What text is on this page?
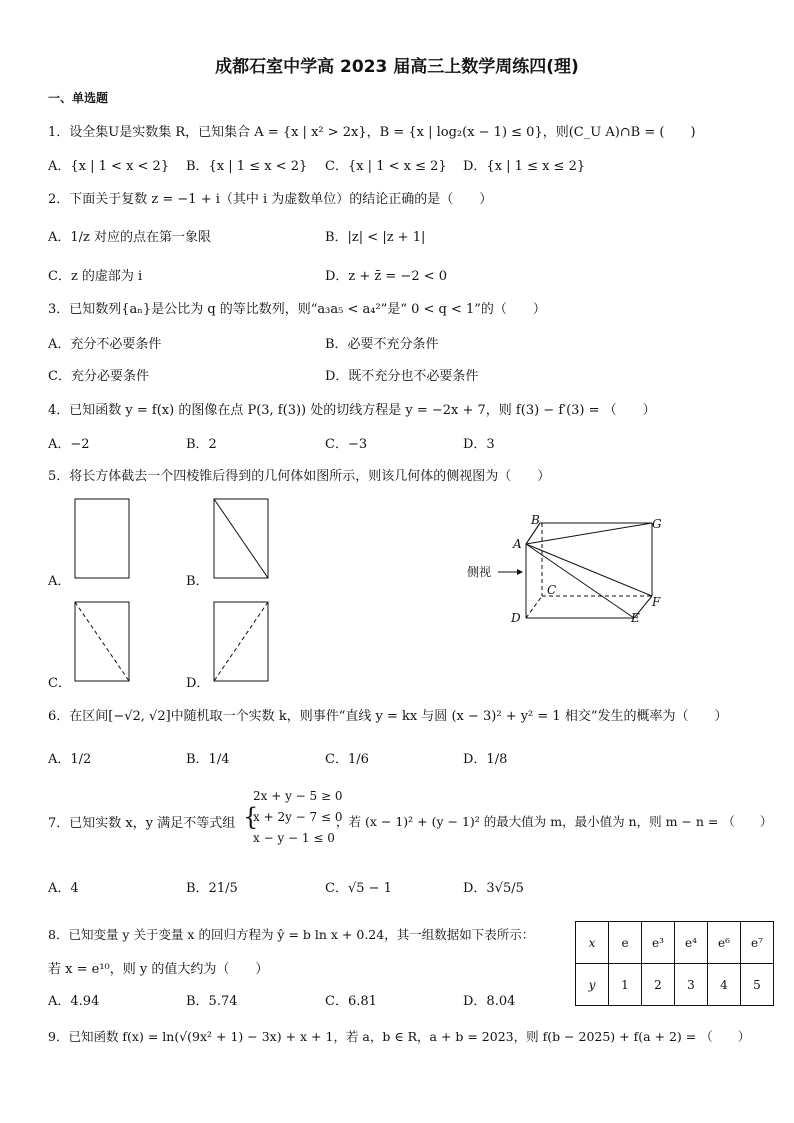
成都石室中学高 2023 届高三上数学周练四(理)
一、单选题
1．设全集U是实数集 R，已知集合 A = {x | x² > 2x}，B = {x | log₂(x − 1) ≤ 0}，则(C_U A)∩B = (　　)
A．{x | 1 < x < 2} B．{x | 1 ≤ x < 2} C．{x | 1 < x ≤ 2} D．{x | 1 ≤ x ≤ 2}
2．下面关于复数 z = −1 + i（其中 i 为虚数单位）的结论正确的是（　　）
A．1/z 对应的点在第一象限	B．|z| < |z + 1|
C．z 的虚部为 i	D．z + z̄ = −2 < 0
3．已知数列{aₙ}是公比为 q 的等比数列，则“a₃a₅ < a₄²”是“ 0 < q < 1”的（　　）
A．充分不必要条件	B．必要不充分条件
C．充分必要条件	D．既不充分也不必要条件
4．已知函数 y = f(x) 的图像在点 P(3, f(3)) 处的切线方程是 y = −2x + 7，则 f(3) − f′(3) = （　　）
A．−2	B．2	C．−3	D．3
5．将长方体截去一个四棱锥后得到的几何体如图所示，则该几何体的侧视图为（　　）
A．	B．
C．	D．
A
B
C
D	E
F
G
侧视
6．在区间[−√2, √2]中随机取一个实数 k，则事件“直线 y = kx 与圆 (x − 3)² + y² = 1 相交”发生的概率为（　　）
A．1/2	B．1/4	C．1/6	D．1/8
7．已知实数 x，y 满足不等式组 {
2x + y − 5 ≥ 0
x + 2y − 7 ≤ 0
x − y − 1 ≤ 0
，若 (x − 1)² + (y − 1)² 的最大值为 m，最小值为 n，则 m − n = （　　）
A．4	B．21/5	C．√5 − 1	D．3√5/5
8．已知变量 y 关于变量 x 的回归方程为 ŷ = b ln x + 0.24，其一组数据如下表所示：
若 x = e¹⁰，则 y 的值大约为（　　）
A．4.94	B．5.74	C．6.81	D．8.04
x	e	e³	e⁴	e⁶	e⁷
y	1	2	3	4	5
9．已知函数 f(x) = ln(√(9x² + 1) − 3x) + x + 1，若 a，b ∈ R，a + b = 2023，则 f(b − 2025) + f(a + 2) = （　　）
